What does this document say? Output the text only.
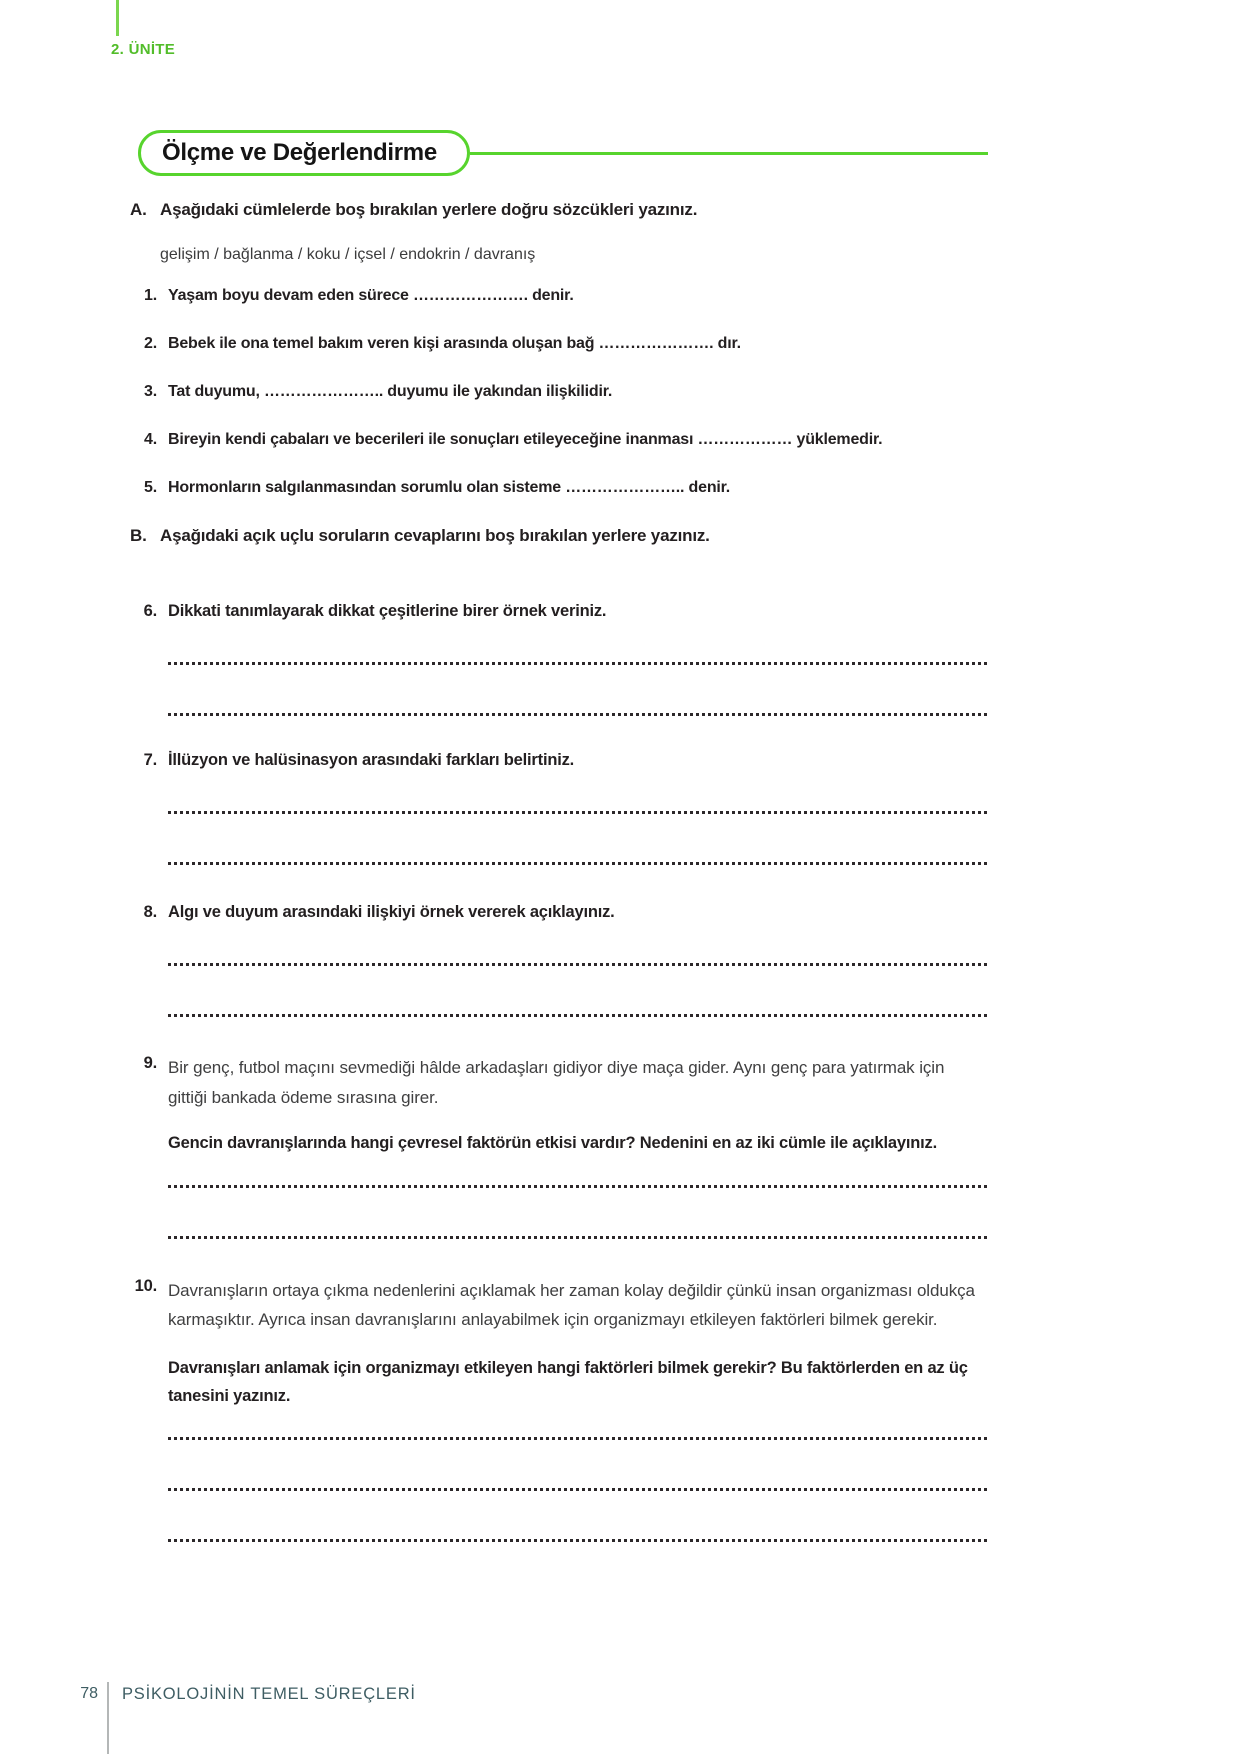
2. ÜNİTE
Ölçme ve Değerlendirme
A. Aşağıdaki cümlelerde boş bırakılan yerlere doğru sözcükleri yazınız.
gelişim / bağlanma / koku / içsel / endokrin / davranış
1. Yaşam boyu devam eden sürece …………………. denir.
2. Bebek ile ona temel bakım veren kişi arasında oluşan bağ …………………. dır.
3. Tat duyumu, ………………….. duyumu ile yakından ilişkilidir.
4. Bireyin kendi çabaları ve becerileri ile sonuçları etileyeceğine inanması ……………… yüklemedir.
5. Hormonların salgılanmasından sorumlu olan sisteme ………………….. denir.
B. Aşağıdaki açık uçlu soruların cevaplarını boş bırakılan yerlere yazınız.
6. Dikkati tanımlayarak dikkat çeşitlerine birer örnek veriniz.
7. İllüzyon ve halüsinasyon arasındaki farkları belirtiniz.
8. Algı ve duyum arasındaki ilişkiyi örnek vererek açıklayınız.
9. Bir genç, futbol maçını sevmediği hâlde arkadaşları gidiyor diye maça gider. Aynı genç para yatırmak için gittiği bankada ödeme sırasına girer.
Gencin davranışlarında hangi çevresel faktörün etkisi vardır? Nedenini en az iki cümle ile açıklayınız.
10. Davranışların ortaya çıkma nedenlerini açıklamak her zaman kolay değildir çünkü insan organizması oldukça karmaşıktır. Ayrıca insan davranışlarını anlayabilmek için organizmayı etkileyen faktörleri bilmek gerekir.
Davranışları anlamak için organizmayı etkileyen hangi faktörleri bilmek gerekir? Bu faktörlerden en az üç tanesini yazınız.
78 PSİKOLOJİNİN TEMEL SÜREÇLERİ
